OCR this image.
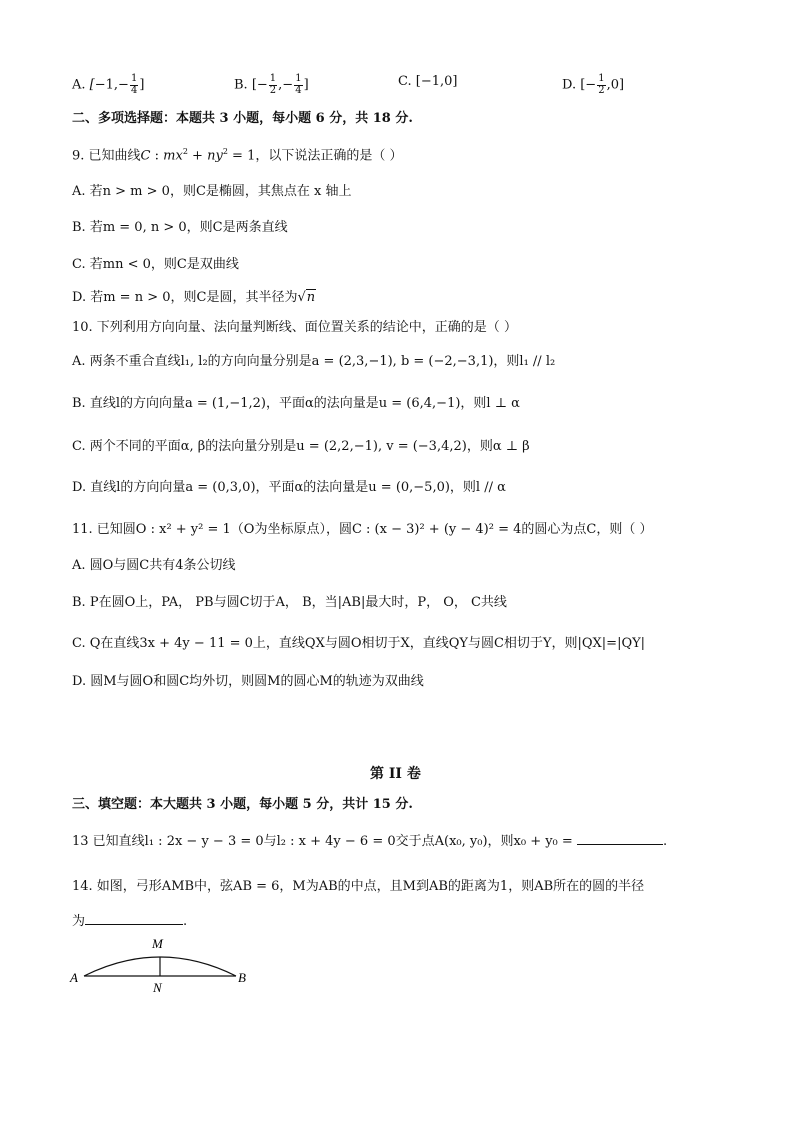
A. [$-1,- \frac{1}{4}$ ]	B. [− $\frac{1}{2}$ ,− $\frac{1}{4}$ ]	C. [−1,0]	D. [− $\frac{1}{2} ,0$]
二、多项选择题：本题共 3 小题，每小题 6 分，共 18 分.
9. 已知曲线C : $mx^2 + ny^2 = 1$，以下说法正确的是（ ）
A. 若n > m > 0，则C是椭圆，其焦点在 x 轴上
B. 若m = 0, n > 0，则C是两条直线
C. 若mn < 0，则C是双曲线
D. 若m = n > 0，则C是圆，其半径为√n
10. 下列利用方向向量、法向量判断线、面位置关系的结论中，正确的是（ ）
A. 两条不重合直线l₁, l₂的方向向量分别是a = (2,3,−1), b = (−2,−3,1)，则l₁ // l₂
B. 直线l的方向向量a = (1,−1,2)，平面α的法向量是u = (6,4,−1)，则l ⊥ α
C. 两个不同的平面α, β的法向量分别是u = (2,2,−1), v = (−3,4,2)，则α ⊥ β
D. 直线l的方向向量a = (0,3,0)，平面α的法向量是u = (0,−5,0)，则l // α
11. 已知圆O : x² + y² = 1（O为坐标原点），圆C : (x − 3)² + (y − 4)² = 4的圆心为点C，则（ ）
A. 圆O与圆C共有4条公切线
B. P在圆O上，PA， PB与圆C切于A， B，当|AB|最大时，P， O， C共线
C. Q在直线3x + 4y − 11 = 0上，直线QX与圆O相切于X，直线QY与圆C相切于Y，则|QX|=|QY|
D. 圆M与圆O和圆C均外切，则圆M的圆心M的轨迹为双曲线
第 II 卷
三、填空题：本大题共 3 小题，每小题 5 分，共计 15 分.
13 已知直线l₁ : 2x − y − 3 = 0与l₂ : x + 4y − 6 = 0交于点A(x₀, y₀)，则x₀ + y₀ =	.
14. 如图，弓形AMB中，弦AB = 6，M为AB的中点，且M到AB的距离为1，则AB所在的圆的半径
为	.
A	B
M
N
